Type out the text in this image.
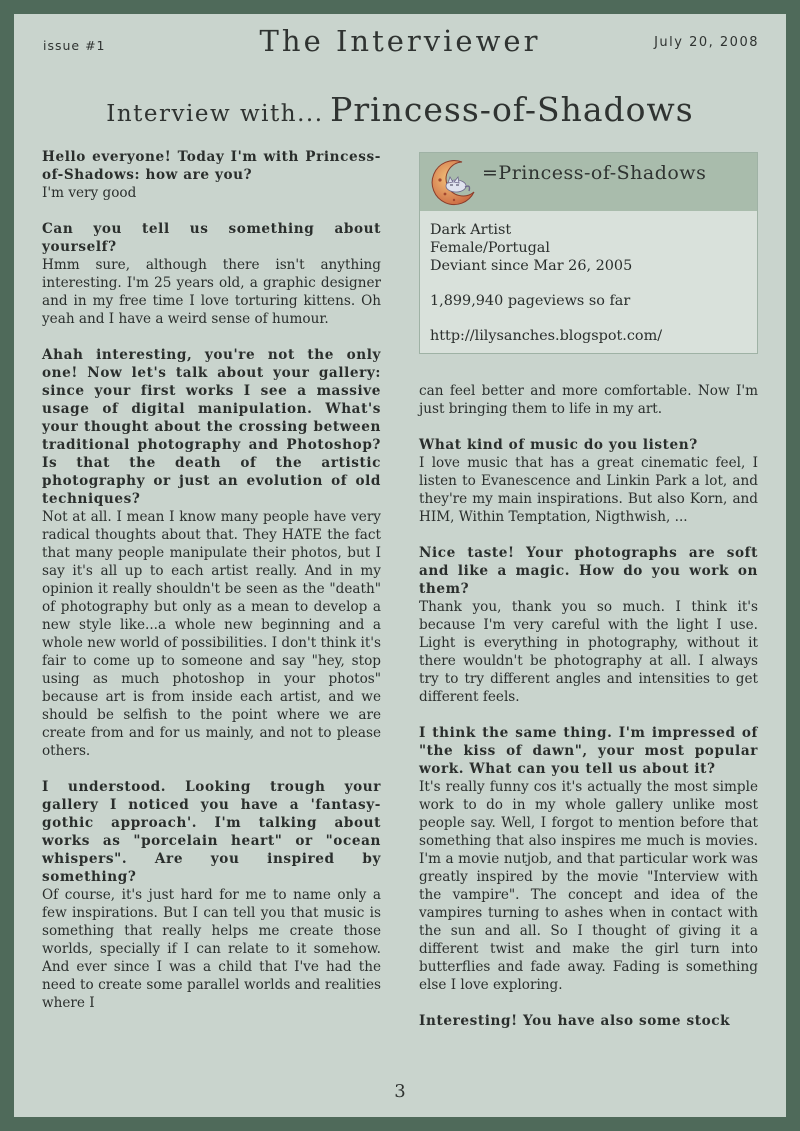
issue #1	The Interviewer	July 20, 2008
Interview with... Princess-of-Shadows
Hello everyone! Today I'm with Princess-of-Shadows: how are you?
I'm very good
Can you tell us something about yourself?
Hmm sure, although there isn't anything interesting. I'm 25 years old, a graphic designer and in my free time I love torturing kittens. Oh yeah and I have a weird sense of humour.
Ahah interesting, you're not the only one! Now let's talk about your gallery: since your first works I see a massive usage of digital manipulation. What's your thought about the crossing between traditional photography and Photoshop? Is that the death of the artistic photography or just an evolution of old techniques?
Not at all. I mean I know many people have very radical thoughts about that. They HATE the fact that many people manipulate their photos, but I say it's all up to each artist really. And in my opinion it really shouldn't be seen as the "death" of photography but only as a mean to develop a new style like...a whole new beginning and a whole new world of possibilities. I don't think it's fair to come up to someone and say "hey, stop using as much photoshop in your photos" because art is from inside each artist, and we should be selfish to the point where we are create from and for us mainly, and not to please others.
I understood. Looking trough your gallery I noticed you have a 'fantasy-gothic approach'. I'm talking about works as "porcelain heart" or "ocean whispers". Are you inspired by something?
Of course, it's just hard for me to name only a few inspirations. But I can tell you that music is something that really helps me create those worlds, specially if I can relate to it somehow. And ever since I was a child that I've had the need to create some parallel worlds and realities where I
=Princess-of-Shadows
Dark Artist
Female/Portugal
Deviant since Mar 26, 2005
1,899,940 pageviews so far
http://lilysanches.blogspot.com/
can feel better and more comfortable. Now I'm just bringing them to life in my art.
What kind of music do you listen?
I love music that has a great cinematic feel, I listen to Evanescence and Linkin Park a lot, and they're my main inspirations. But also Korn, and HIM, Within Temptation, Nigthwish, ...
Nice taste! Your photographs are soft and like a magic. How do you work on them?
Thank you, thank you so much. I think it's because I'm very careful with the light I use. Light is everything in photography, without it there wouldn't be photography at all. I always try to try different angles and intensities to get different feels.
I think the same thing. I'm impressed of "the kiss of dawn", your most popular work. What can you tell us about it?
It's really funny cos it's actually the most simple work to do in my whole gallery unlike most people say. Well, I forgot to mention before that something that also inspires me much is movies. I'm a movie nutjob, and that particular work was greatly inspired by the movie "Interview with the vampire". The concept and idea of the vampires turning to ashes when in contact with the sun and all. So I thought of giving it a different twist and make the girl turn into butterflies and fade away. Fading is something else I love exploring.
Interesting! You have also some stock
3
